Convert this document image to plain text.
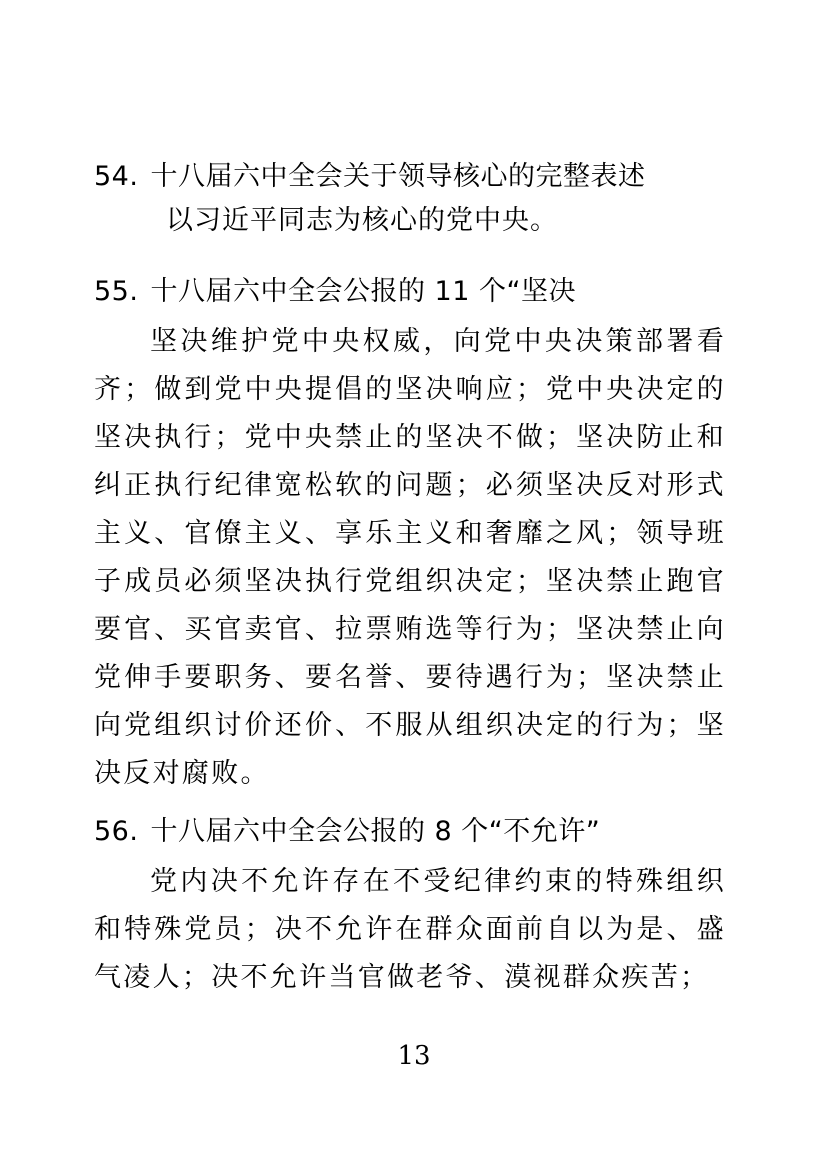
54. 十八届六中全会关于领导核心的完整表述
以习近平同志为核心的党中央。
55. 十八届六中全会公报的 11 个“坚决

坚决维护党中央权威，向党中央决策部署看齐；做到党中央提倡的坚决响应；党中央决定的坚决执行；党中央禁止的坚决不做；坚决防止和纠正执行纪律宽松软的问题；必须坚决反对形式主义、官僚主义、享乐主义和奢靡之风；领导班子成员必须坚决执行党组织决定；坚决禁止跑官要官、买官卖官、拉票贿选等行为；坚决禁止向党伸手要职务、要名誉、要待遇行为；坚决禁止向党组织讨价还价、不服从组织决定的行为；坚决反对腐败。

56. 十八届六中全会公报的 8 个“不允许”

党内决不允许存在不受纪律约束的特殊组织和特殊党员；决不允许在群众面前自以为是、盛气凌人；决不允许当官做老爷、漠视群众疾苦；

13
